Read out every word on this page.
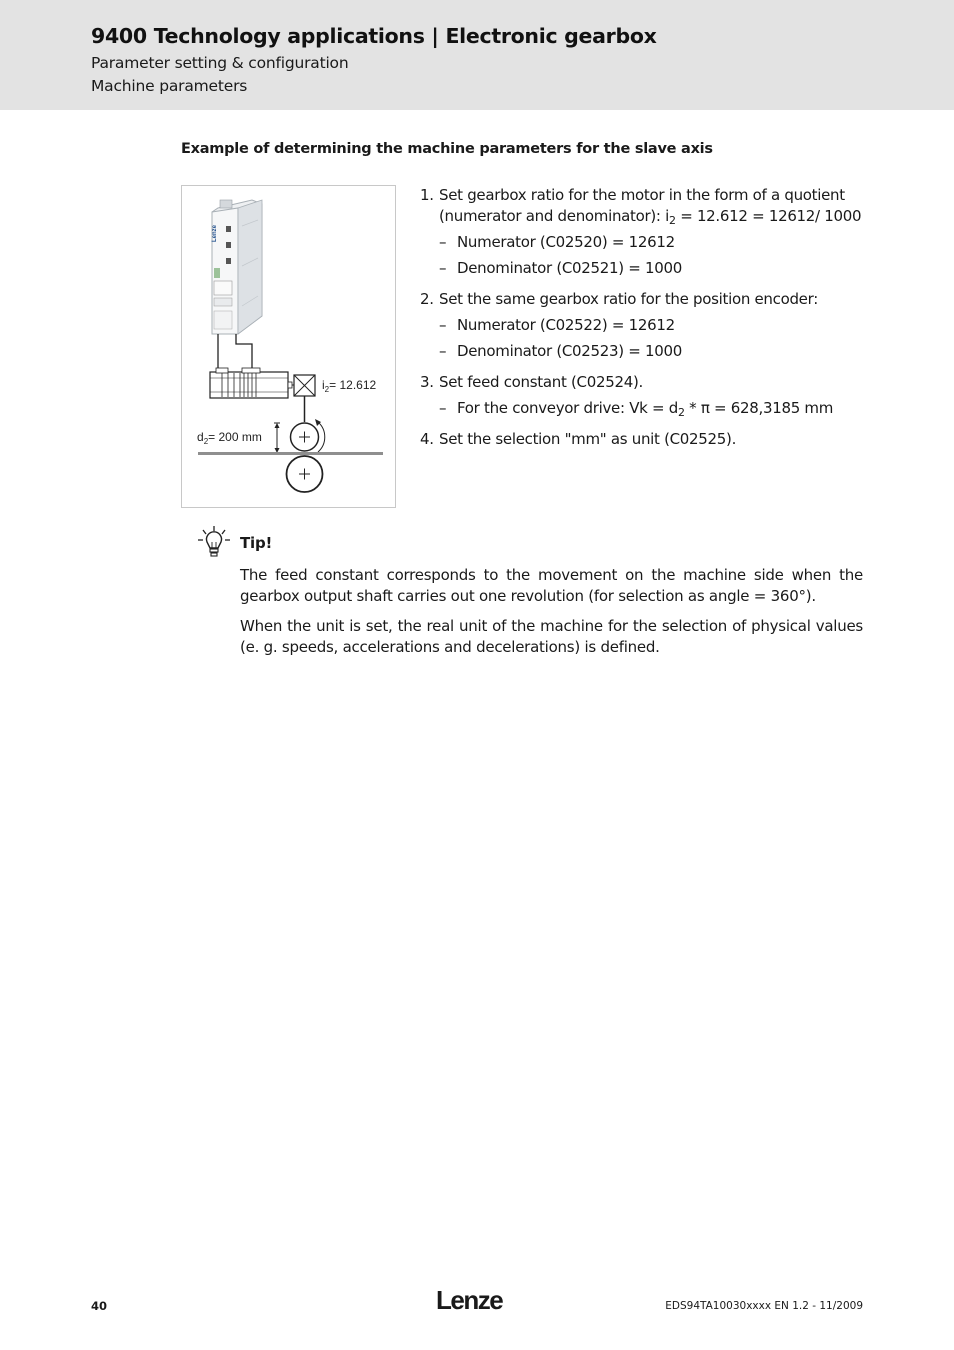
9400 Technology applications | Electronic gearbox
Parameter setting & configuration
Machine parameters
Example of determining the machine parameters for the slave axis
Lenze
$i_2= 12.612$
$d_2= 200$ mm
1. Set gearbox ratio for the motor in the form of a quotient (numerator and denominator): $i_2 = 12.612 = 12612/$ 1000
– Numerator (C02520) = 12612
– Denominator (C02521) = 1000
2. Set the same gearbox ratio for the position encoder:
– Numerator (C02522) = 12612
– Denominator (C02523) = 1000
3. Set feed constant (C02524).
– For the conveyor drive: $Vk = d_2 * \pi = 628,3185$ mm
4. Set the selection "mm" as unit (C02525).
Tip!

The feed constant corresponds to the movement on the machine side when the gearbox output shaft carries out one revolution (for selection as angle = 360°).

When the unit is set, the real unit of the machine for the selection of physical values (e. g. speeds, accelerations and decelerations) is defined.

40	Lenze	EDS94TA10030xxxx EN 1.2 - 11/2009
